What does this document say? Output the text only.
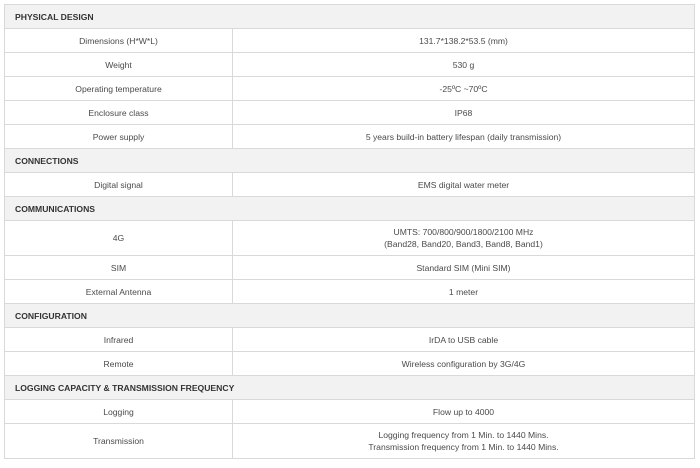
PHYSICAL DESIGN	
Dimensions (H*W*L)	131.7*138.2*53.5 (mm)

Weight	530 g

Operating temperature	-25ºC ~70ºC

Enclosure class	IP68

Power supply	5 years build-in battery lifespan (daily transmission)

CONNECTIONS	
Digital signal	EMS digital water meter

COMMUNICATIONS	
4G	UMTS: 700/800/900/1800/2100 MHz
(Band28, Band20, Band3, Band8, Band1)

SIM	Standard SIM (Mini SIM)

External Antenna	1 meter

CONFIGURATION	
Infrared	IrDA to USB cable

Remote	Wireless configuration by 3G/4G

LOGGING CAPACITY & TRANSMISSION FREQUENCY	
Logging	Flow up to 4000

Transmission	Logging frequency from 1 Min. to 1440 Mins.
Transmission frequency from 1 Min. to 1440 Mins.
